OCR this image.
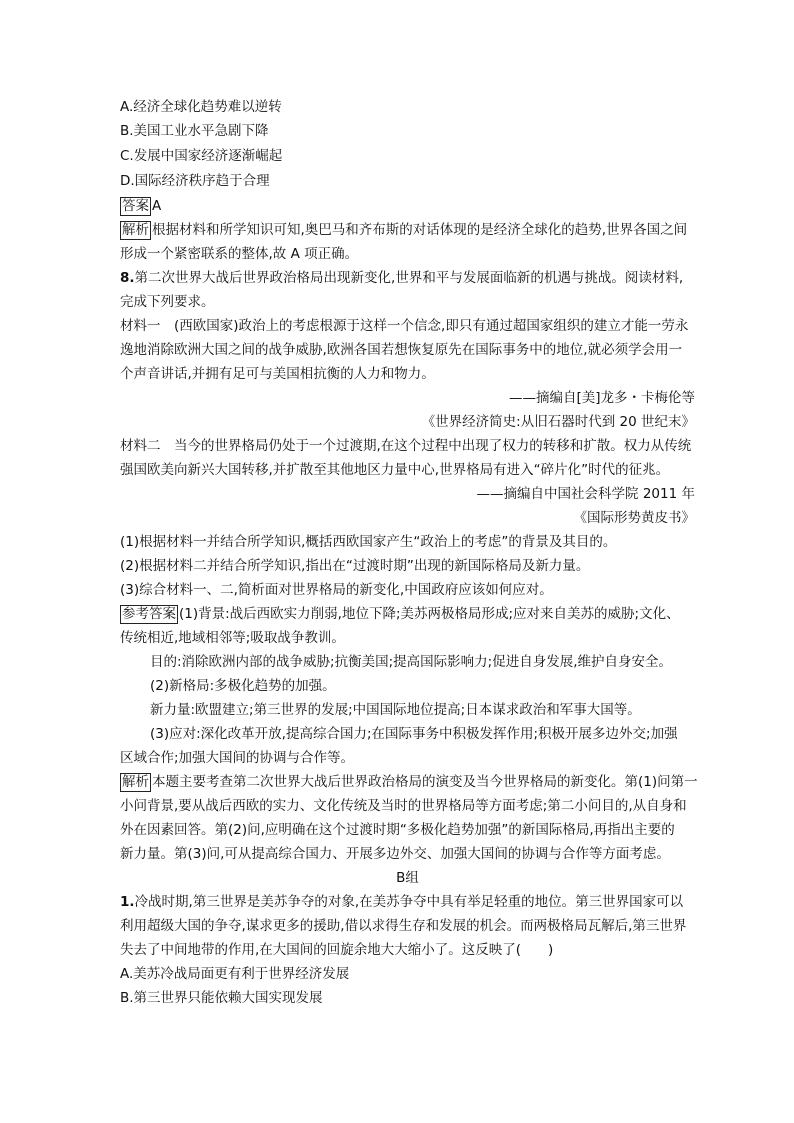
A.经济全球化趋势难以逆转
B.美国工业水平急剧下降
C.发展中国家经济逐渐崛起
D.国际经济秩序趋于合理
答案 A
解析 根据材料和所学知识可知,奥巴马和齐布斯的对话体现的是经济全球化的趋势,世界各国之间
形成一个紧密联系的整体,故 A 项正确。
8.第二次世界大战后世界政治格局出现新变化,世界和平与发展面临新的机遇与挑战。阅读材料,
完成下列要求。
材料一　(西欧国家)政治上的考虑根源于这样一个信念,即只有通过超国家组织的建立才能一劳永
逸地消除欧洲大国之间的战争威胁,欧洲各国若想恢复原先在国际事务中的地位,就必须学会用一
个声音讲话,并拥有足可与美国相抗衡的人力和物力。
——摘编自[美]龙多・卡梅伦等
《世界经济简史:从旧石器时代到 20 世纪末》
材料二　当今的世界格局仍处于一个过渡期,在这个过程中出现了权力的转移和扩散。权力从传统
强国欧美向新兴大国转移,并扩散至其他地区力量中心,世界格局有进入“碎片化”时代的征兆。
——摘编自中国社会科学院 2011 年
《国际形势黄皮书》
(1)根据材料一并结合所学知识,概括西欧国家产生“政治上的考虑”的背景及其目的。
(2)根据材料二并结合所学知识,指出在“过渡时期”出现的新国际格局及新力量。
(3)综合材料一、二,简析面对世界格局的新变化,中国政府应该如何应对。
参考答案 (1)背景:战后西欧实力削弱,地位下降;美苏两极格局形成;应对来自美苏的威胁;文化、
传统相近,地域相邻等;吸取战争教训。
目的:消除欧洲内部的战争威胁;抗衡美国;提高国际影响力;促进自身发展,维护自身安全。
(2)新格局:多极化趋势的加强。
新力量:欧盟建立;第三世界的发展;中国国际地位提高;日本谋求政治和军事大国等。
(3)应对:深化改革开放,提高综合国力;在国际事务中积极发挥作用;积极开展多边外交;加强
区域合作;加强大国间的协调与合作等。
解析 本题主要考查第二次世界大战后世界政治格局的演变及当今世界格局的新变化。第(1)问第一
小问背景,要从战后西欧的实力、文化传统及当时的世界格局等方面考虑;第二小问目的,从自身和
外在因素回答。第(2)问,应明确在这个过渡时期“多极化趋势加强”的新国际格局,再指出主要的
新力量。第(3)问,可从提高综合国力、开展多边外交、加强大国间的协调与合作等方面考虑。
B组
1.冷战时期,第三世界是美苏争夺的对象,在美苏争夺中具有举足轻重的地位。第三世界国家可以
利用超级大国的争夺,谋求更多的援助,借以求得生存和发展的机会。而两极格局瓦解后,第三世界
失去了中间地带的作用,在大国间的回旋余地大大缩小了。这反映了(　　)
A.美苏冷战局面更有利于世界经济发展
B.第三世界只能依赖大国实现发展
